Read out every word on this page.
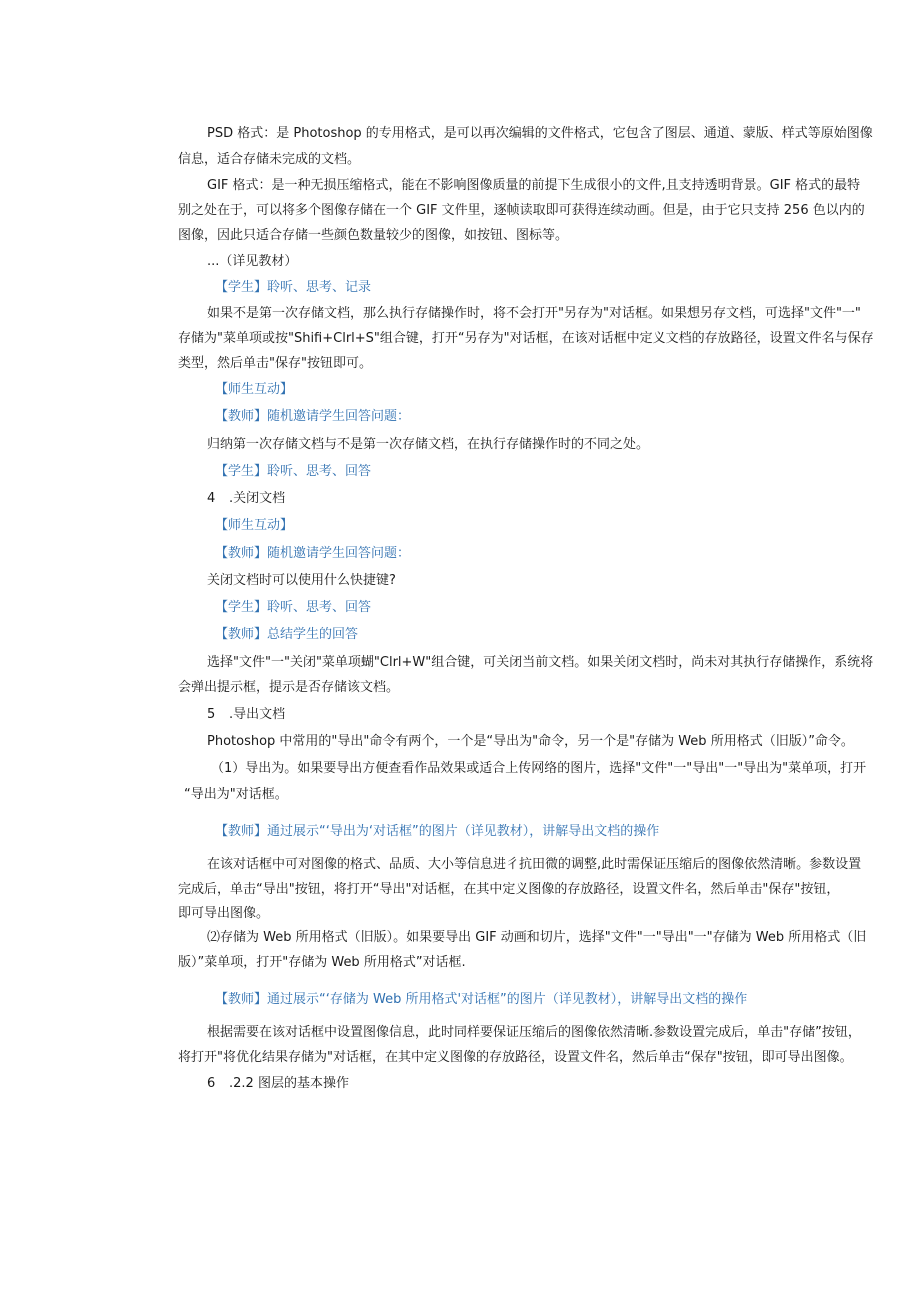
PSD 格式：是 Photoshop 的专用格式，是可以再次编辑的文件格式，它包含了图层、通道、蒙版、样式等原始图像
信息，适合存储未完成的文档。
GIF 格式：是一种无损压缩格式，能在不影响图像质量的前提下生成很小的文件,且支持透明背景。GIF 格式的最特
别之处在于，可以将多个图像存储在一个 GIF 文件里，逐帧读取即可获得连续动画。但是，由于它只支持 256 色以内的
图像，因此只适合存储一些颜色数量较少的图像，如按钮、图标等。
...（详见教材）
【学生】聆听、思考、记录
如果不是第一次存储文档，那么执行存储操作时，将不会打开"另存为"对话框。如果想另存文档，可选择"文件"一"
存储为"菜单项或按"Shifi+Clrl+S"组合键，打开“另存为"对话框，在该对话框中定义文档的存放路径，设置文件名与保存
类型，然后单击"保存"按钮即可。
【师生互动】
【教师】随机邀请学生回答问题：
归纳第一次存储文档与不是第一次存储文档，在执行存储操作时的不同之处。
【学生】聆听、思考、回答
4 .关闭文档
【师生互动】
【教师】随机邀请学生回答问题：
关闭文档时可以使用什么快捷键?
【学生】聆听、思考、回答
【教师】总结学生的回答
选择"文件"一"关闭"菜单项蝴"Clrl+W"组合键，可关闭当前文档。如果关闭文档时，尚未对其执行存储操作，系统将
会弹出提示框，提示是否存储该文档。
5 .导出文档
Photoshop 中常用的"导出"命令有两个，一个是“导出为"命令，另一个是"存储为 Web 所用格式（旧版）”命令。
（1）导出为。如果要导出方便查看作品效果或适合上传网络的图片，选择"文件"一"导出"一"导出为"菜单项，打开
“导出为"对话框。
【教师】通过展示“‘导出为‘对话框”的图片（详见教材），讲解导出文档的操作
在该对话框中可对图像的格式、品质、大小等信息进彳抗田微的调整,此时需保证压缩后的图像依然清晰。参数设置
完成后，单击“导出"按钮，将打开“导出"对话框，在其中定义图像的存放路径，设置文件名，然后单击"保存"按钮，
即可导出图像。
⑵存储为 Web 所用格式（旧版）。如果要导出 GIF 动画和切片，选择"文件"一"导出"一"存储为 Web 所用格式（旧
版）”菜单项，打开"存储为 Web 所用格式”对话框.
【教师】通过展示“‘存储为 Web 所用格式'对话框”的图片（详见教材），讲解导出文档的操作
根据需要在该对话框中设置图像信息，此时同样要保证压缩后的图像依然清晰.参数设置完成后，单击"存储”按钮，
将打开"将优化结果存储为"对话框，在其中定义图像的存放路径，设置文件名，然后单击“保存"按钮，即可导出图像。
6 .2.2 图层的基本操作
